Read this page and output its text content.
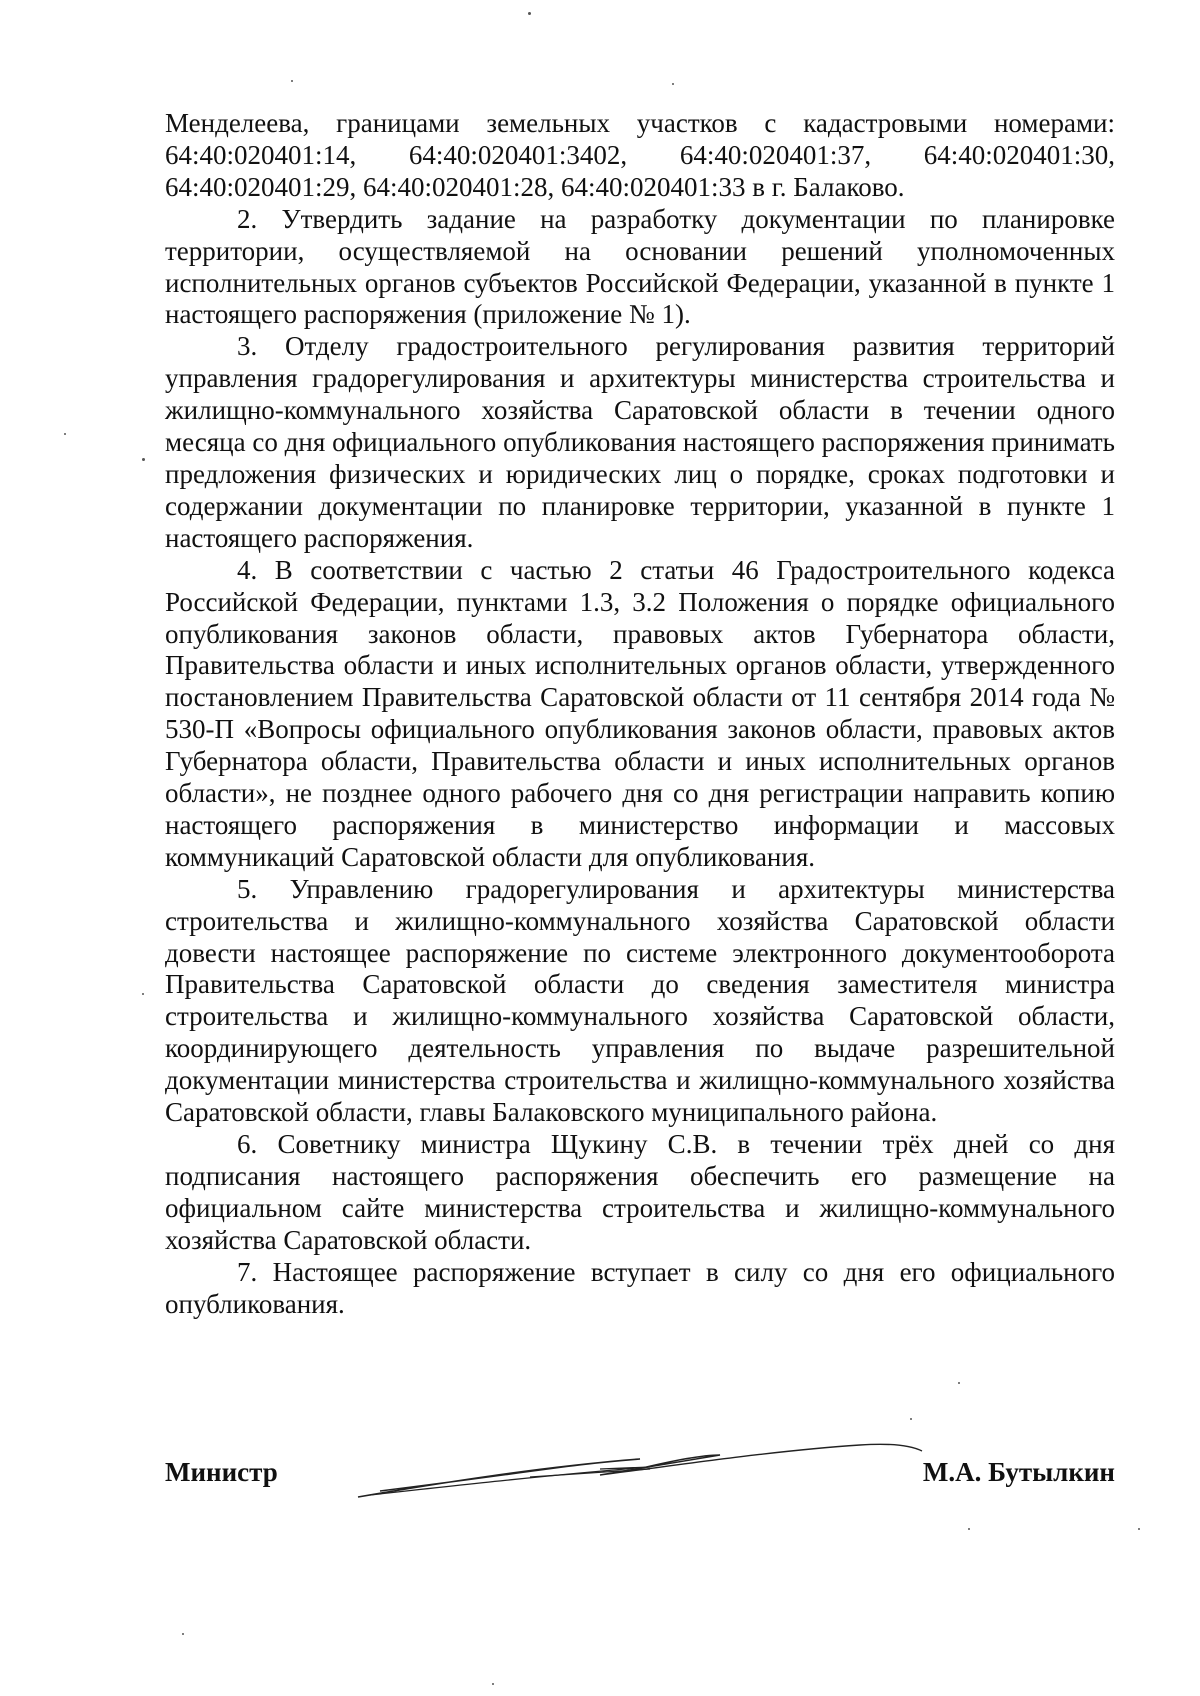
Менделеева, границами земельных участков с кадастровыми номерами: 64:40:020401:14, 64:40:020401:3402, 64:40:020401:37, 64:40:020401:30, 64:40:020401:29, 64:40:020401:28, 64:40:020401:33 в г. Балаково.

2. Утвердить задание на разработку документации по планировке территории, осуществляемой на основании решений уполномоченных исполнительных органов субъектов Российской Федерации, указанной в пункте 1 настоящего распоряжения (приложение № 1).

3. Отделу градостроительного регулирования развития территорий управления градорегулирования и архитектуры министерства строительства и жилищно-коммунального хозяйства Саратовской области в течении одного месяца со дня официального опубликования настоящего распоряжения принимать предложения физических и юридических лиц о порядке, сроках подготовки и содержании документации по планировке территории, указанной в пункте 1 настоящего распоряжения.

4. В соответствии с частью 2 статьи 46 Градостроительного кодекса Российской Федерации, пунктами 1.3, 3.2 Положения о порядке официального опубликования законов области, правовых актов Губернатора области, Правительства области и иных исполнительных органов области, утвержденного постановлением Правительства Саратовской области от 11 сентября 2014 года № 530-П «Вопросы официального опубликования законов области, правовых актов Губернатора области, Правительства области и иных исполнительных органов области», не позднее одного рабочего дня со дня регистрации направить копию настоящего распоряжения в министерство информации и массовых коммуникаций Саратовской области для опубликования.

5. Управлению градорегулирования и архитектуры министерства строительства и жилищно-коммунального хозяйства Саратовской области довести настоящее распоряжение по системе электронного документооборота Правительства Саратовской области до сведения заместителя министра строительства и жилищно-коммунального хозяйства Саратовской области, координирующего деятельность управления по выдаче разрешительной документации министерства строительства и жилищно-коммунального хозяйства Саратовской области, главы Балаковского муниципального района.

6. Советнику министра Щукину С.В. в течении трёх дней со дня подписания настоящего распоряжения обеспечить его размещение на официальном сайте министерства строительства и жилищно-коммунального хозяйства Саратовской области.

7. Настоящее распоряжение вступает в силу со дня его официального опубликования.

Министр	М.А. Бутылкин
